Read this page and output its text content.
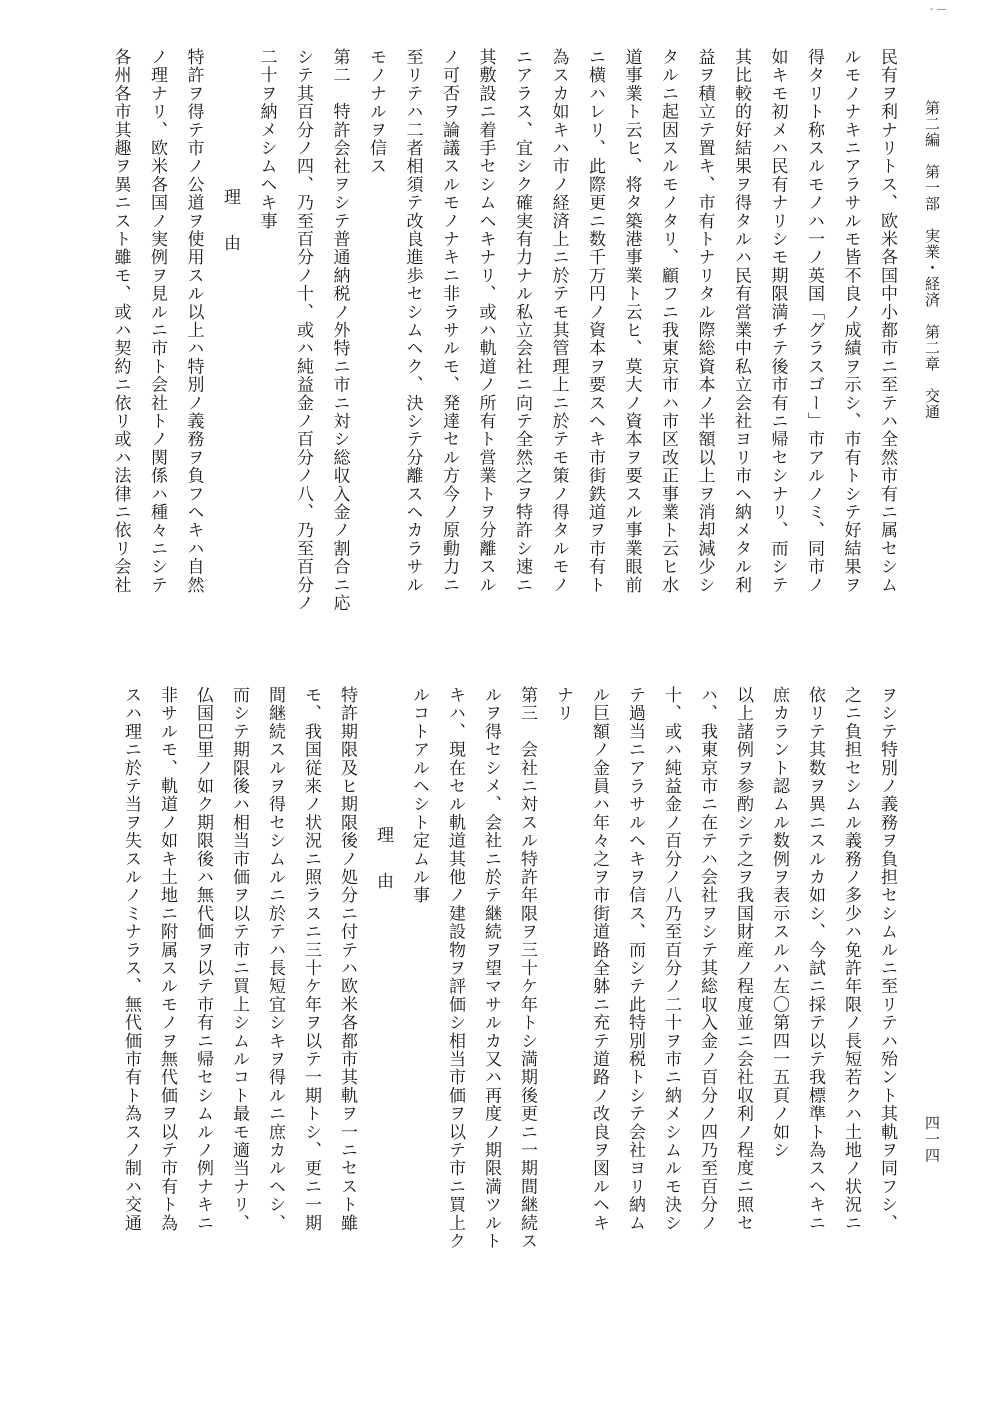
‑ —
第二編　第一部　実業・経済　第二章　交通
四一四
民有ヲ利ナリトス、欧米各国中小都市ニ至テハ全然市有ニ属セシム
ルモノナキニアラサルモ皆不良ノ成績ヲ示シ、市有トシテ好結果ヲ
得タリト称スルモノハ一ノ英国「グラスゴー」市アルノミ、同市ノ
如キモ初メハ民有ナリシモ期限満チテ後市有ニ帰セシナリ、而シテ
其比較的好結果ヲ得タルハ民有営業中私立会社ヨリ市ヘ納メタル利
益ヲ積立テ置キ、市有トナリタル際総資本ノ半額以上ヲ消却減少シ
タルニ起因スルモノタリ、顧フニ我東京市ハ市区改正事業ト云ヒ水
道事業ト云ヒ、将タ築港事業ト云ヒ、莫大ノ資本ヲ要スル事業眼前
ニ横ハレリ、此際更ニ数千万円ノ資本ヲ要スヘキ市街鉄道ヲ市有ト
為スカ如キハ市ノ経済上ニ於テモ其管理上ニ於テモ策ノ得タルモノ
ニアラス、宜シク確実有力ナル私立会社ニ向テ全然之ヲ特許シ速ニ
其敷設ニ着手セシムヘキナリ、或ハ軌道ノ所有ト営業トヲ分離スル
ノ可否ヲ論議スルモノナキニ非ラサルモ、発達セル方今ノ原動力ニ
至リテハ二者相須テ改良進歩セシムヘク、決シテ分離スヘカラサル
モノナルヲ信ス
第二　特許会社ヲシテ普通納税ノ外特ニ市ニ対シ総収入金ノ割合ニ応
シテ其百分ノ四、乃至百分ノ十、或ハ純益金ノ百分ノ八、乃至百分ノ
二十ヲ納メシムヘキ事
理　由
特許ヲ得テ市ノ公道ヲ使用スル以上ハ特別ノ義務ヲ負フヘキハ自然
ノ理ナリ、欧米各国ノ実例ヲ見ルニ市ト会社トノ関係ハ種々ニシテ
各州各市其趣ヲ異ニスト雖モ、或ハ契約ニ依リ或ハ法律ニ依リ会社
ヲシテ特別ノ義務ヲ負担セシムルニ至リテハ殆ント其軌ヲ同フシ、
之ニ負担セシムル義務ノ多少ハ免許年限ノ長短若クハ土地ノ状況ニ
依リテ其数ヲ異ニスルカ如シ、今試ニ採テ以テ我標準ト為スヘキニ
庶カラント認ムル数例ヲ表示スルハ左〇第四一五頁ノ如シ
以上諸例ヲ参酌シテ之ヲ我国財産ノ程度並ニ会社収利ノ程度ニ照セ
ハ、我東京市ニ在テハ会社ヲシテ其総収入金ノ百分ノ四乃至百分ノ
十、或ハ純益金ノ百分ノ八乃至百分ノ二十ヲ市ニ納メシムルモ決シ
テ過当ニアラサルヘキヲ信ス、而シテ此特別税トシテ会社ヨリ納ム
ル巨額ノ金員ハ年々之ヲ市街道路全躰ニ充テ道路ノ改良ヲ図ルヘキ
ナリ
第三　会社ニ対スル特許年限ヲ三十ケ年トシ満期後更ニ一期間継続ス
ルヲ得セシメ、会社ニ於テ継続ヲ望マサルカ又ハ再度ノ期限満ツルト
キハ、現在セル軌道其他ノ建設物ヲ評価シ相当市価ヲ以テ市ニ買上ク
ルコトアルヘシト定ムル事
理　由
特許期限及ヒ期限後ノ処分ニ付テハ欧米各都市其軌ヲ一ニセスト雖
モ、我国従来ノ状況ニ照ラスニ三十ケ年ヲ以テ一期トシ、更ニ一期
間継続スルヲ得セシムルニ於テハ長短宜シキヲ得ルニ庶カルヘシ、
而シテ期限後ハ相当市価ヲ以テ市ニ買上シムルコト最モ適当ナリ、
仏国巴里ノ如ク期限後ハ無代価ヲ以テ市有ニ帰セシムルノ例ナキニ
非サルモ、軌道ノ如キ土地ニ附属スルモノヲ無代価ヲ以テ市有ト為
スハ理ニ於テ当ヲ失スルノミナラス、無代価市有ト為スノ制ハ交通
